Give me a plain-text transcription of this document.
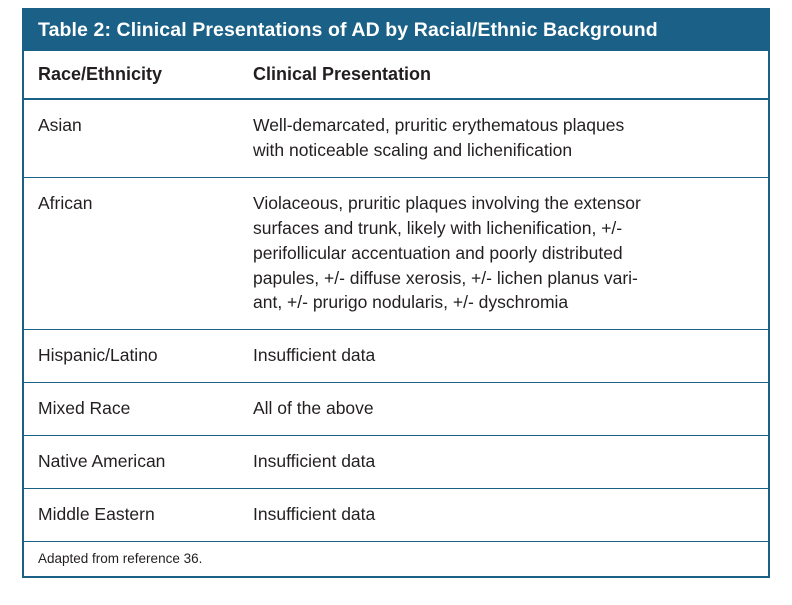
Table 2: Clinical Presentations of AD by Racial/Ethnic Background	
Race/Ethnicity	Clinical Presentation
Asian	Well-demarcated, pruritic erythematous plaques
with noticeable scaling and lichenification

African	Violaceous, pruritic plaques involving the extensor
surfaces and trunk, likely with lichenification, +/-
perifollicular accentuation and poorly distributed
papules, +/- diffuse xerosis, +/- lichen planus vari-
ant, +/- prurigo nodularis, +/- dyschromia

Hispanic/Latino	Insufficient data

Mixed Race	All of the above

Native American	Insufficient data

Middle Eastern	Insufficient data

Adapted from reference 36.	
